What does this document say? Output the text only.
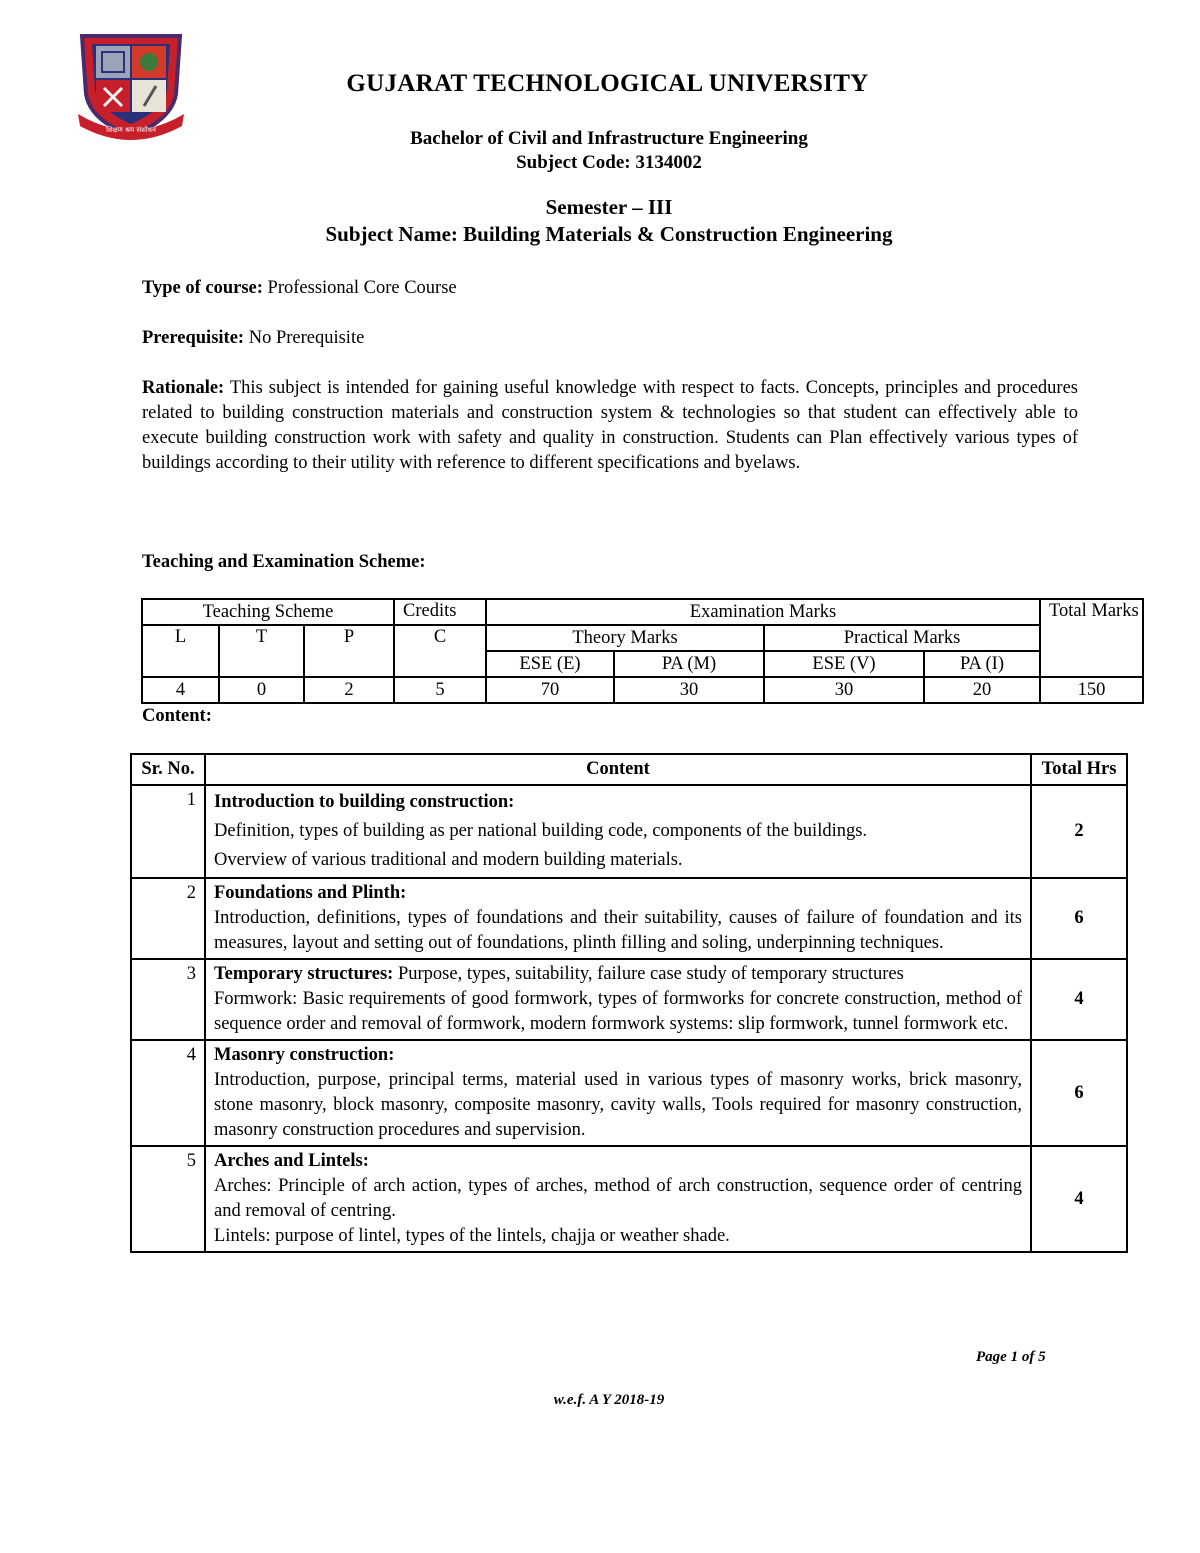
शिक्षण श्रम संशोधन
GUJARAT TECHNOLOGICAL UNIVERSITY
Bachelor of Civil and Infrastructure Engineering
Subject Code: 3134002
Semester – III
Subject Name: Building Materials & Construction Engineering
Type of course: Professional Core Course
Prerequisite: No Prerequisite
Rationale: This subject is intended for gaining useful knowledge with respect to facts. Concepts, principles and procedures related to building construction materials and construction system & technologies so that student can effectively able to execute building construction work with safety and quality in construction. Students can Plan effectively various types of buildings according to their utility with reference to different specifications and byelaws.
Teaching and Examination Scheme:
Teaching Scheme			Credits	Examination Marks				Total Marks
L	T	P	C	Theory Marks		Practical Marks		
				ESE (E)	PA (M)	ESE (V)	PA (I)	
4	0	2	5	70	30	30	20	150
Content:
Sr. No.	Content	Total Hrs
1	Introduction to building construction:
Definition, types of building as per national building code, components of the buildings.
Overview of various traditional and modern building materials.	2
2	Foundations and Plinth:
Introduction, definitions, types of foundations and their suitability, causes of failure of foundation and its measures, layout and setting out of foundations, plinth filling and soling, underpinning techniques.	6
3	Temporary structures: Purpose, types, suitability, failure case study of temporary structures
Formwork: Basic requirements of good formwork, types of formworks for concrete construction, method of sequence order and removal of formwork, modern formwork systems: slip formwork, tunnel formwork etc.	4
4	Masonry construction:
Introduction, purpose, principal terms, material used in various types of masonry works, brick masonry, stone masonry, block masonry, composite masonry, cavity walls, Tools required for masonry construction, masonry construction procedures and supervision.	6
5	Arches and Lintels:
Arches: Principle of arch action, types of arches, method of arch construction, sequence order of centring and removal of centring.
Lintels: purpose of lintel, types of the lintels, chajja or weather shade.	4
Page 1 of 5
w.e.f. A Y 2018-19
